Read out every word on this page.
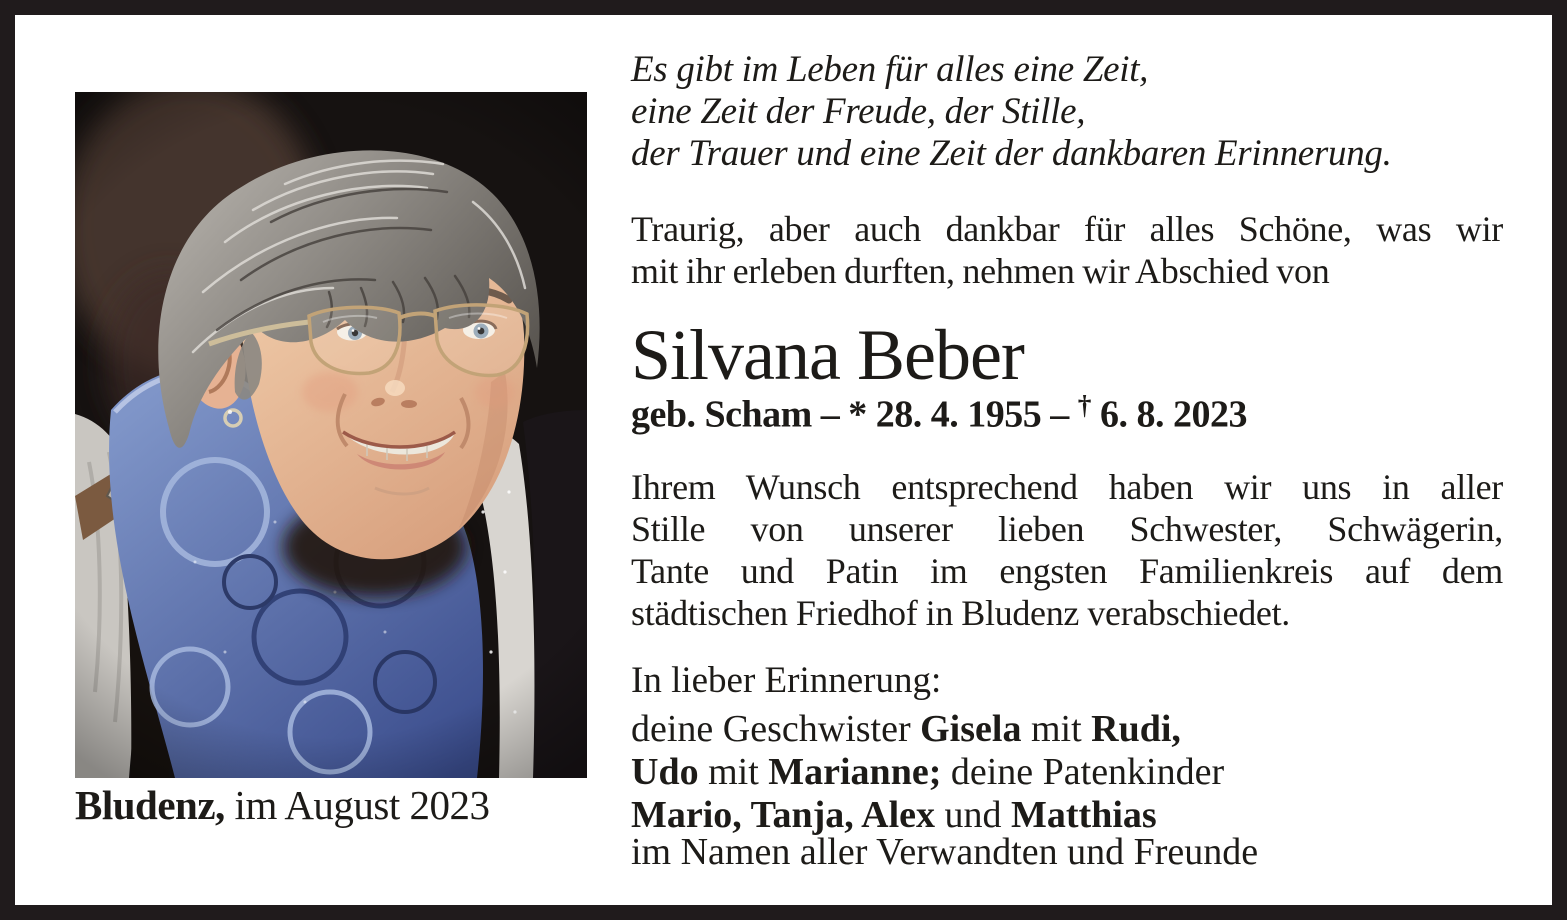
Bludenz, im August 2023
Es gibt im Leben für alles eine Zeit,
eine Zeit der Freude, der Stille,
der Trauer und eine Zeit der dankbaren Erinnerung.
Traurig, aber auch dankbar für alles Schöne, was wir
mit ihr erleben durften, nehmen wir Abschied von
Silvana Beber
geb. Scham – * 28. 4. 1955 – † 6. 8. 2023
Ihrem Wunsch entsprechend haben wir uns in aller
Stille von unserer lieben Schwester, Schwägerin,
Tante und Patin im engsten Familienkreis auf dem
städtischen Friedhof in Bludenz verabschiedet.
In lieber Erinnerung:
deine Geschwister Gisela mit Rudi,
Udo mit Marianne; deine Patenkinder
Mario, Tanja, Alex und Matthias
im Namen aller Verwandten und Freunde
